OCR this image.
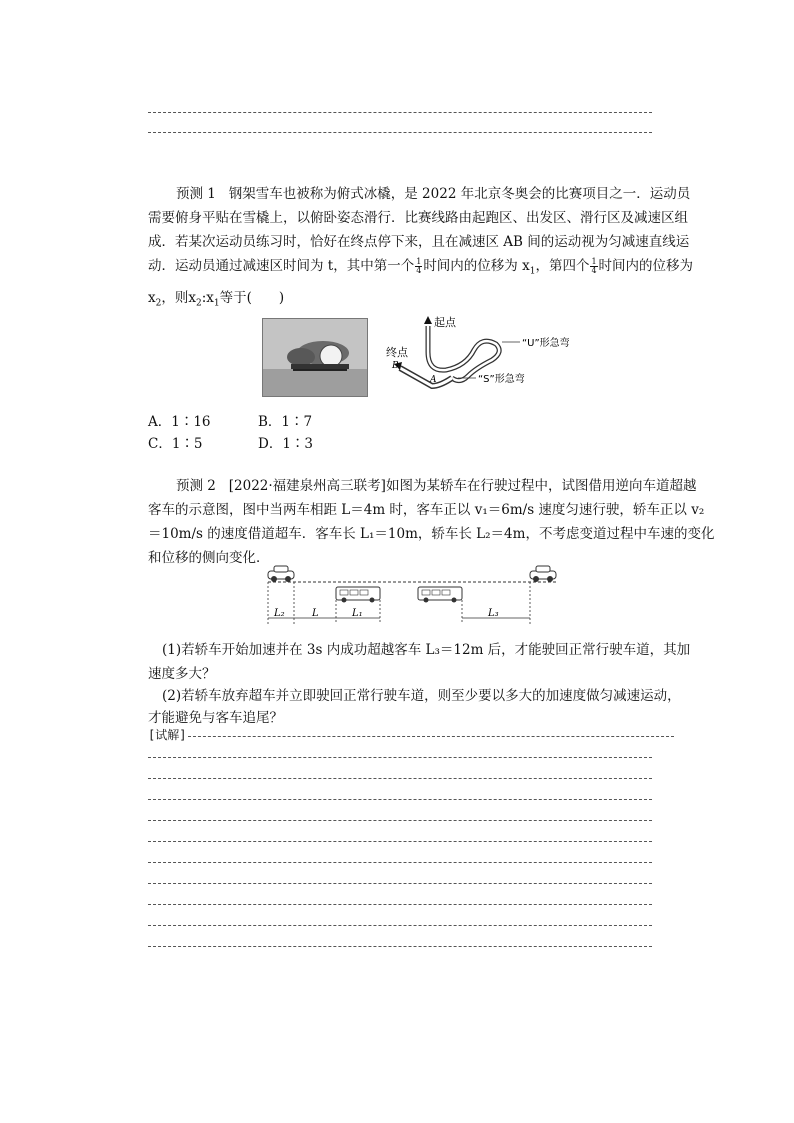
预测 1 钢架雪车也被称为俯式冰橇，是 2022 年北京冬奥会的比赛项目之一．运动员
需要俯身平贴在雪橇上，以俯卧姿态滑行．比赛线路由起跑区、出发区、滑行区及减速区组
成．若某次运动员练习时，恰好在终点停下来，且在减速区 AB 间的运动视为匀减速直线运
动．运动员通过减速区时间为 t，其中第一个 $\frac{1}{4}$ 时间内的位移为 $x_1$，第四个 $\frac{1}{4}$ 时间内的位移为
$x_2$，则$x_2:x_1$等于(　　)
起点
终点
“U”形急弯
“S”形急弯
A
B
A．1∶16	B．1∶7
C．1∶5	D．1∶3
预测 2 [2022·福建泉州高三联考]如图为某轿车在行驶过程中，试图借用逆向车道超越
客车的示意图，图中当两车相距 L＝4m 时，客车正以 v₁＝6m/s 速度匀速行驶，轿车正以 v₂
＝10m/s 的速度借道超车．客车长 L₁＝10m，轿车长 L₂＝4m，不考虑变道过程中车速的变化
和位移的侧向变化．
L₂	L	L₁	L₃
(1)若轿车开始加速并在 3s 内成功超越客车 L₃＝12m 后，才能驶回正常行驶车道，其加
速度多大？
(2)若轿车放弃超车并立即驶回正常行驶车道，则至少要以多大的加速度做匀减速运动，
才能避免与客车追尾？
[试解]
